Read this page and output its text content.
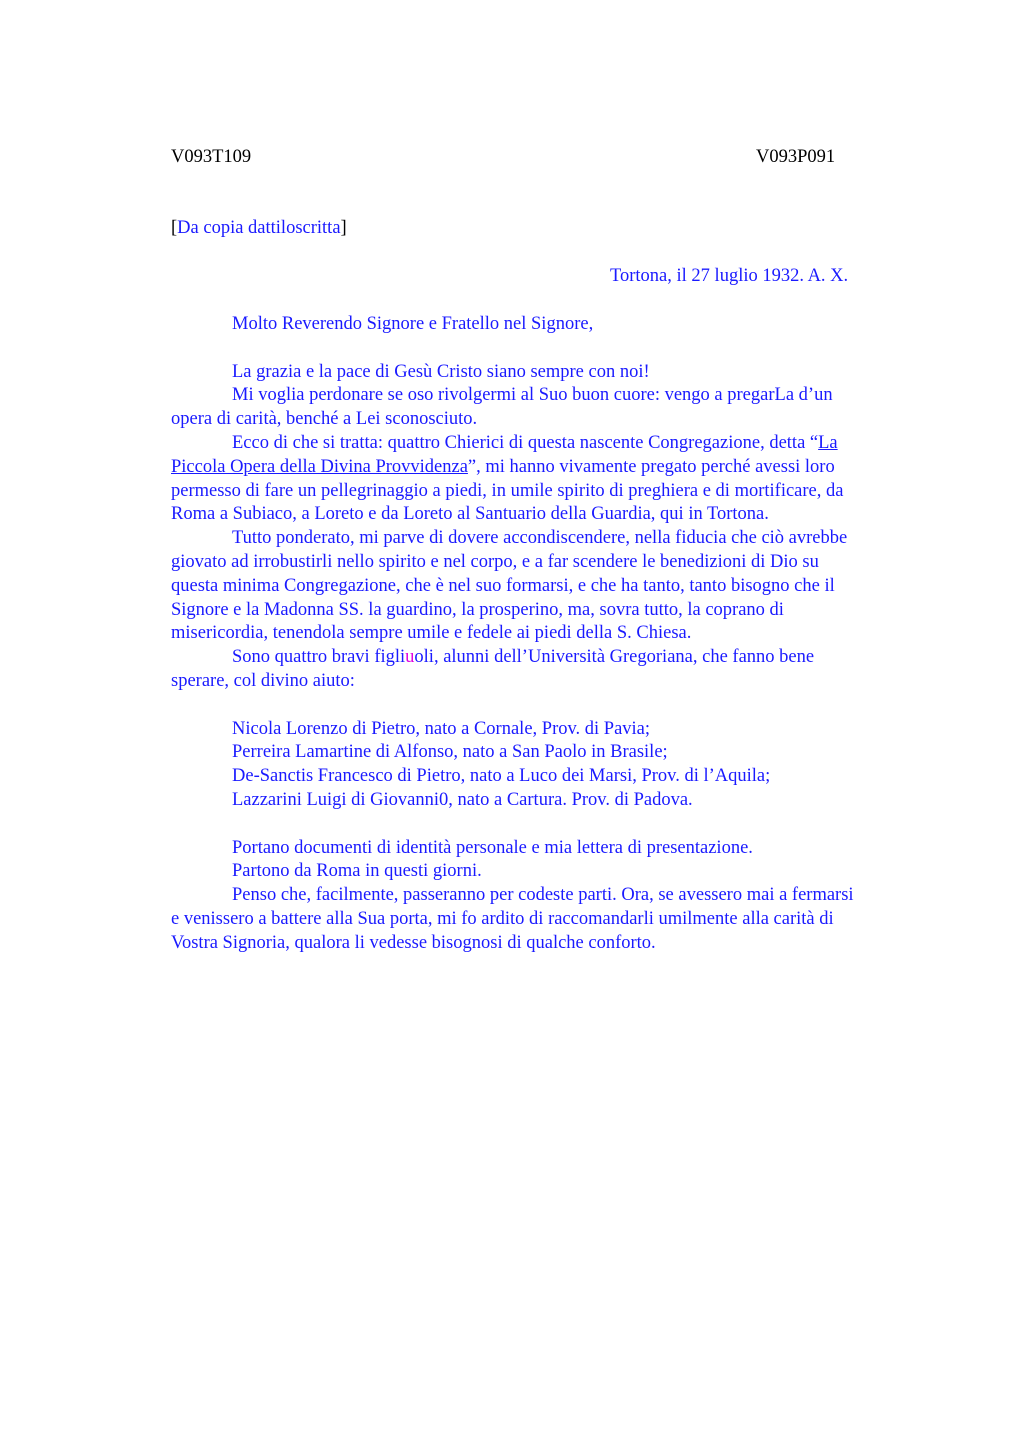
V093T109	V093P091
[Da copia dattiloscritta]
Tortona, il 27 luglio 1932. A. X.

Molto Reverendo Signore e Fratello nel Signore,

La grazia e la pace di Gesù Cristo siano sempre con noi!

Mi voglia perdonare se oso rivolgermi al Suo buon cuore: vengo a pregarLa d’un
opera di carità, benché a Lei sconosciuto.

Ecco di che si tratta: quattro Chierici di questa nascente Congregazione, detta “La
Piccola Opera della Divina Provvidenza”, mi hanno vivamente pregato perché avessi loro
permesso di fare un pellegrinaggio a piedi, in umile spirito di preghiera e di mortificare, da
Roma a Subiaco, a Loreto e da Loreto al Santuario della Guardia, qui in Tortona.

Tutto ponderato, mi parve di dovere accondiscendere, nella fiducia che ciò avrebbe
giovato ad irrobustirli nello spirito e nel corpo, e a far scendere le benedizioni di Dio su
questa minima Congregazione, che è nel suo formarsi, e che ha tanto, tanto bisogno che il
Signore e la Madonna SS. la guardino, la prosperino, ma, sovra tutto, la coprano di
misericordia, tenendola sempre umile e fedele ai piedi della S. Chiesa.

Sono quattro bravi figliuoli, alunni dell’Università Gregoriana, che fanno bene
sperare, col divino aiuto:

Nicola Lorenzo di Pietro, nato a Cornale, Prov. di Pavia;

Perreira Lamartine di Alfonso, nato a San Paolo in Brasile;

De-Sanctis Francesco di Pietro, nato a Luco dei Marsi, Prov. di l’Aquila;

Lazzarini Luigi di Giovanni0, nato a Cartura. Prov. di Padova.

Portano documenti di identità personale e mia lettera di presentazione.

Partono da Roma in questi giorni.

Penso che, facilmente, passeranno per codeste parti. Ora, se avessero mai a fermarsi
e venissero a battere alla Sua porta, mi fo ardito di raccomandarli umilmente alla carità di
Vostra Signoria, qualora li vedesse bisognosi di qualche conforto.
